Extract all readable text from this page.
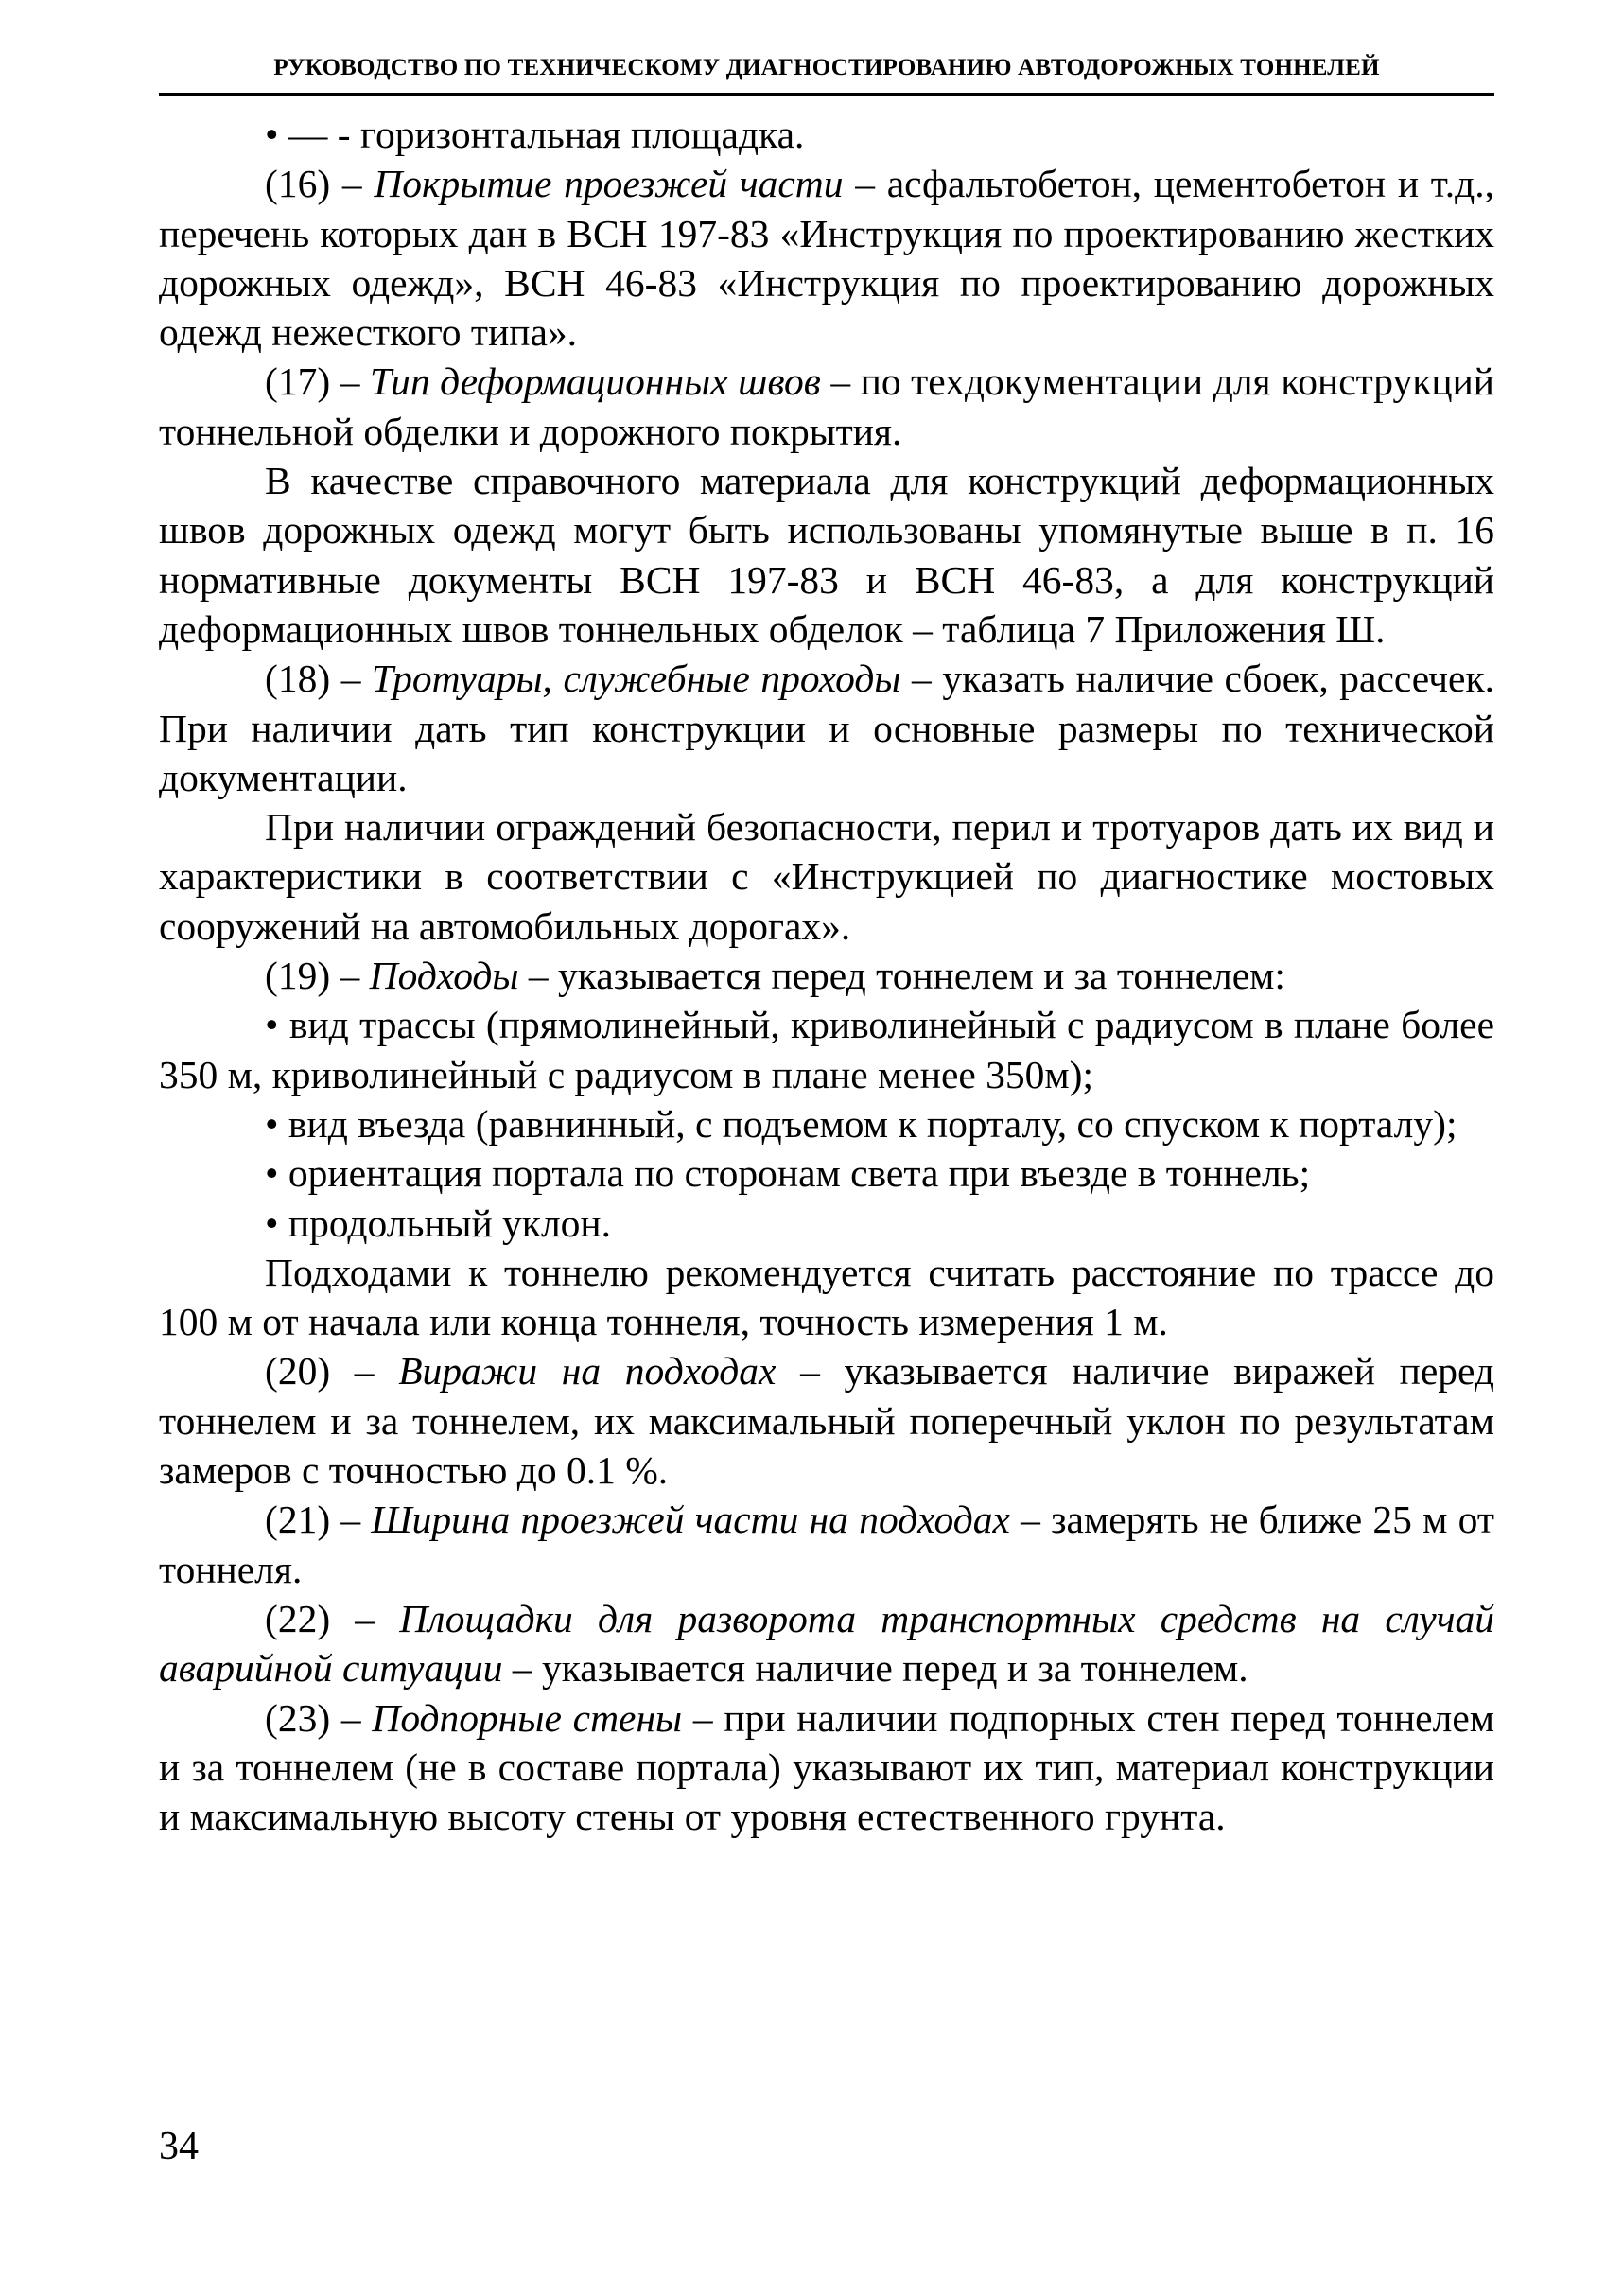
РУКОВОДСТВО ПО ТЕХНИЧЕСКОМУ ДИАГНОСТИРОВАНИЮ АВТОДОРОЖНЫХ ТОННЕЛЕЙ

• — - горизонтальная площадка.

(16) – Покрытие проезжей части – асфальтобетон, цементобетон и т.д., перечень которых дан в ВСН 197-83 «Инструкция по проектированию жестких дорожных одежд», ВСН 46-83 «Инструкция по проектированию дорожных одежд нежесткого типа».

(17) – Тип деформационных швов – по техдокументации для конструкций тоннельной обделки и дорожного покрытия.

В качестве справочного материала для конструкций деформационных швов дорожных одежд могут быть использованы упомянутые выше в п. 16 нормативные документы ВСН 197-83 и ВСН 46-83, а для конструкций деформационных швов тоннельных обделок – таблица 7 Приложения Ш.

(18) – Тротуары, служебные проходы – указать наличие сбоек, рассечек. При наличии дать тип конструкции и основные размеры по технической документации.

При наличии ограждений безопасности, перил и тротуаров дать их вид и характеристики в соответствии с «Инструкцией по диагностике мостовых сооружений на автомобильных дорогах».

(19) – Подходы – указывается перед тоннелем и за тоннелем:

• вид трассы (прямолинейный, криволинейный с радиусом в плане более 350 м, криволинейный с радиусом в плане менее 350м);

• вид въезда (равнинный, с подъемом к порталу, со спуском к порталу);

• ориентация портала по сторонам света при въезде в тоннель;

• продольный уклон.

Подходами к тоннелю рекомендуется считать расстояние по трассе до 100 м от начала или конца тоннеля, точность измерения 1 м.

(20) – Виражи на подходах – указывается наличие виражей перед тоннелем и за тоннелем, их максимальный поперечный уклон по результатам замеров с точностью до 0.1 %.

(21) – Ширина проезжей части на подходах – замерять не ближе 25 м от тоннеля.

(22) – Площадки для разворота транспортных средств на случай аварийной ситуации – указывается наличие перед и за тоннелем.

(23) – Подпорные стены – при наличии подпорных стен перед тоннелем и за тоннелем (не в составе портала) указывают их тип, материал конструкции и максимальную высоту стены от уровня естественного грунта.

34
